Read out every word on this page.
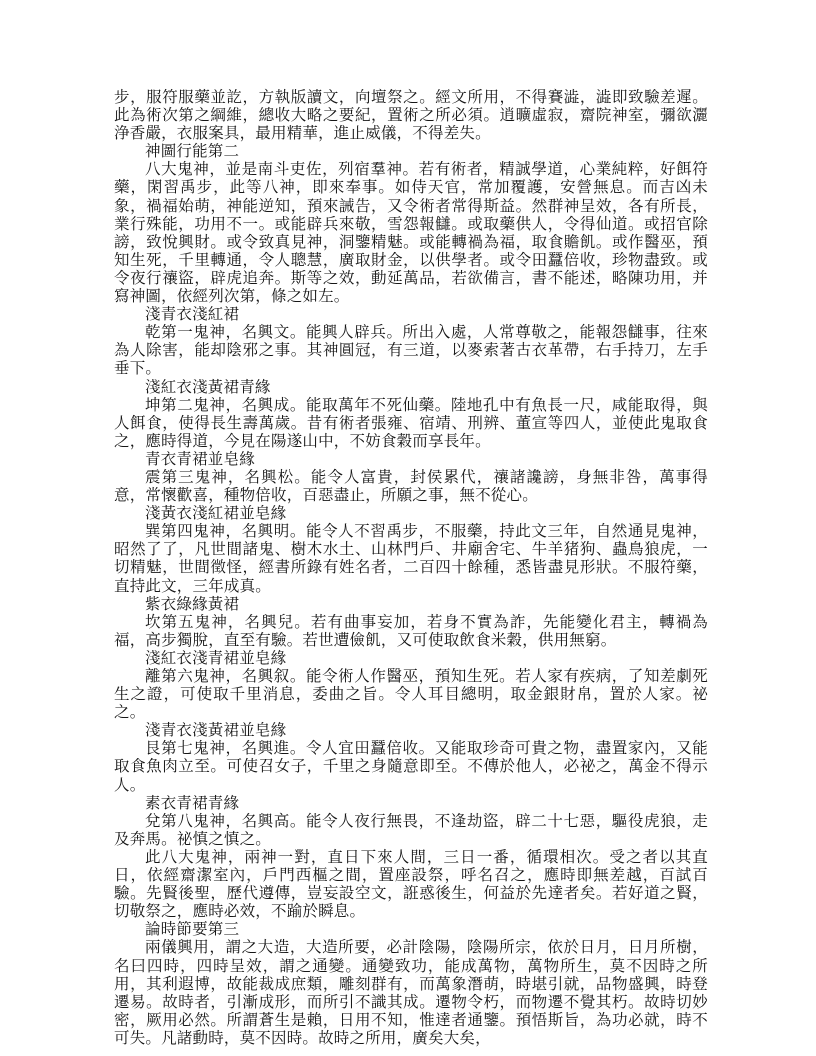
步，服符服藥並訖，方執版讀文，向壇祭之。經文所用，不得賽澁，澁即致驗差遲。此為術次第之綱維，總收大略之要紀，置術之所必須。逍曠虛寂，齋院神室，彌欲灑浄香嚴，衣服案具，最用精華，進止威儀，不得差失。

神圖行能第二

八大鬼神，並是南斗吏佐，列宿羣神。若有術者，精誠學道，心業純粹，好餌符藥，閑習禹步，此等八神，即來奉事。如侍天官，常加覆護，安營無息。而吉凶未象，禍福始萌，神能逆知，預來誡告，又令術者常得斯益。然群神呈效，各有所長，業行殊能，功用不一。或能辟兵來敬，雪怨報讎。或取藥供人，令得仙道。或招官除謗，致悅興財。或令致真見神，洞鑒精魅。或能轉禍為福，取食贍飢。或作醫巫，預知生死，千里轉通，令人聰慧，廣取財金，以供學者。或令田蠶倍收，珍物盡致。或令夜行禳盜，辟虎追奔。斯等之效，動延萬品，若欲備言，書不能述，略陳功用，并寫神圖，依經列次第，條之如左。

淺青衣淺紅裙

乾第一鬼神，名興文。能興人辟兵。所出入處，人常尊敬之，能報怨讎事，往來為人除害，能却陰邪之事。其神圓冠，有三道，以麥索著古衣革帶，右手持刀，左手垂下。

淺紅衣淺黃裙青緣

坤第二鬼神，名興成。能取萬年不死仙藥。陸地孔中有魚長一尺，咸能取得，與人餌食，使得長生壽萬歲。昔有術者張雍、宿靖、刑辨、董宣等四人，並使此鬼取食之，應時得道，今見在陽遂山中，不妨食穀而享長年。

青衣青裙並皂緣

震第三鬼神，名興松。能令人富貴，封侯累代，禳諸讒謗，身無非咎，萬事得意，常懷歡喜，種物倍收，百惡盡止，所願之事，無不從心。

淺黃衣淺紅裙並皂緣

巽第四鬼神，名興明。能令人不習禹步，不服藥，持此文三年，自然通見鬼神，昭然了了，凡世間諸鬼、樹木水土、山林門戶、井廟舍宅、牛羊猪狗、蟲鳥狼虎，一切精魅，世間徵怪，經書所錄有姓名者，二百四十餘種，悉皆盡見形狀。不服符藥，直持此文，三年成真。

紫衣綠緣黃裙

坎第五鬼神，名興兒。若有曲事妄加，若身不實為詐，先能變化君主，轉禍為福，高步獨脫，直至有驗。若世遭儉飢，又可使取飲食米穀，供用無窮。

淺紅衣淺青裙並皂緣

離第六鬼神，名興叙。能令術人作醫巫，預知生死。若人家有疾病，了知差劇死生之證，可使取千里消息，委曲之旨。令人耳目總明，取金銀財帛，置於人家。祕之。

淺青衣淺黃裙並皂緣

艮第七鬼神，名興進。令人宜田蠶倍收。又能取珍奇可貴之物，盡置家內，又能取食魚肉立至。可使召女子，千里之身隨意即至。不傳於他人，必祕之，萬金不得示人。

素衣青裙青緣

兌第八鬼神，名興高。能令人夜行無畏，不逢劫盜，辟二十七惡，驅役虎狼，走及奔馬。祕慎之慎之。

此八大鬼神，兩神一對，直日下來人間，三日一番，循環相次。受之者以其直日，依經齋潔室內，戶門西樞之間，置座設祭，呼名召之，應時即無差越，百試百驗。先賢後聖，歷代遵傳，豈妄設空文，誑惑後生，何益於先達者矣。若好道之賢，切敬祭之，應時必效，不踰於瞬息。

論時節要第三

兩儀興用，謂之大造，大造所要，必計陰陽，陰陽所宗，依於日月，日月所樹，名曰四時，四時呈效，謂之通變。通變致功，能成萬物，萬物所生，莫不因時之所用，其利遐博，故能裁成庶類，雕刻群有，而萬象潛萌，時堪引就，品物盛興，時登遷易。故時者，引漸成形，而所引不識其成。遷物令朽，而物遷不覺其朽。故時切妙密，厥用必然。所謂蒼生是賴，日用不知，惟達者通鑒。預悟斯旨，為功必就，時不可失。凡諸動時，莫不因時。故時之所用，廣矣大矣，
